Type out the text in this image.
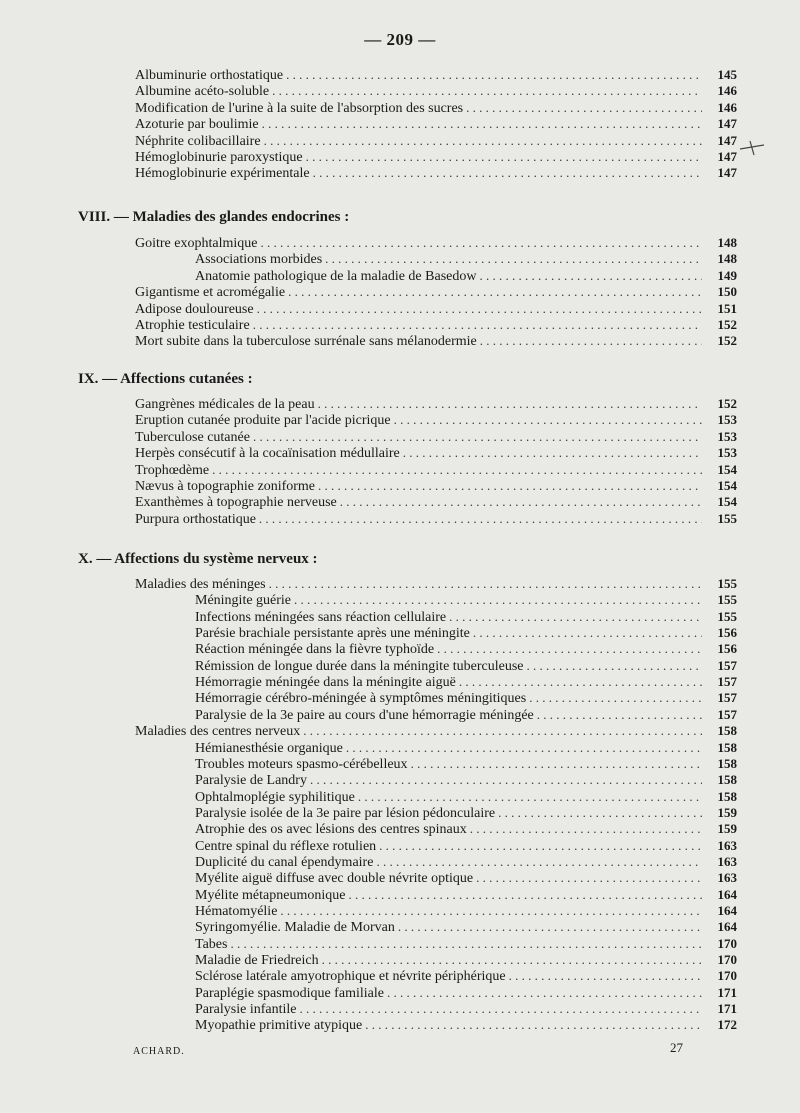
— 209 —
Albuminurie orthostatique . . .	145
Albumine acéto-soluble . . .	146
Modification de l'urine à la suite de l'absorption des sucres . . .	146
Azoturie par boulimie . . .	147
Néphrite colibacillaire . . .	147
Hémoglobinurie paroxystique . . .	147
Hémoglobinurie expérimentale . . .	147
VIII. — Maladies des glandes endocrines :
Goitre exophtalmique . . .	148
Associations morbides . . .	148
Anatomie pathologique de la maladie de Basedow . . .	149
Gigantisme et acromégalie . . .	150
Adipose douloureuse . . .	151
Atrophie testiculaire . . .	152
Mort subite dans la tuberculose surrénale sans mélanodermie . . .	152
IX. — Affections cutanées :
Gangrènes médicales de la peau . . .	152
Eruption cutanée produite par l'acide picrique . . .	153
Tuberculose cutanée . . .	153
Herpès consécutif à la cocaïnisation médullaire . . .	153
Trophœdème . . .	154
Nævus à topographie zoniforme . . .	154
Exanthèmes à topographie nerveuse . . .	154
Purpura orthostatique . . .	155
X. — Affections du système nerveux :
Maladies des méninges . . .	155
Méningite guérie . . .	155
Infections méningées sans réaction cellulaire . . .	155
Parésie brachiale persistante après une méningite . . .	156
Réaction méningée dans la fièvre typhoïde . . .	156
Rémission de longue durée dans la méningite tuberculeuse . . .	157
Hémorragie méningée dans la méningite aiguë . . .	157
Hémorragie cérébro-méningée à symptômes méningitiques . . .	157
Paralysie de la 3e paire au cours d'une hémorragie méningée . . .	157
Maladies des centres nerveux . . .	158
Hémianesthésie organique . . .	158
Troubles moteurs spasmo-cérébelleux . . .	158
Paralysie de Landry . . .	158
Ophtalmoplégie syphilitique . . .	158
Paralysie isolée de la 3e paire par lésion pédonculaire . . .	159
Atrophie des os avec lésions des centres spinaux . . .	159
Centre spinal du réflexe rotulien . . .	163
Duplicité du canal épendymaire . . .	163
Myélite aiguë diffuse avec double névrite optique . . .	163
Myélite métapneumonique . . .	164
Hématomyélie . . .	164
Syringomyélie. Maladie de Morvan . . .	164
Tabes . . .	170
Maladie de Friedreich . . .	170
Sclérose latérale amyotrophique et névrite périphérique . . .	170
Paraplégie spasmodique familiale . . .	171
Paralysie infantile . . .	171
Myopathie primitive atypique . . .	172
ACHARD.	27
